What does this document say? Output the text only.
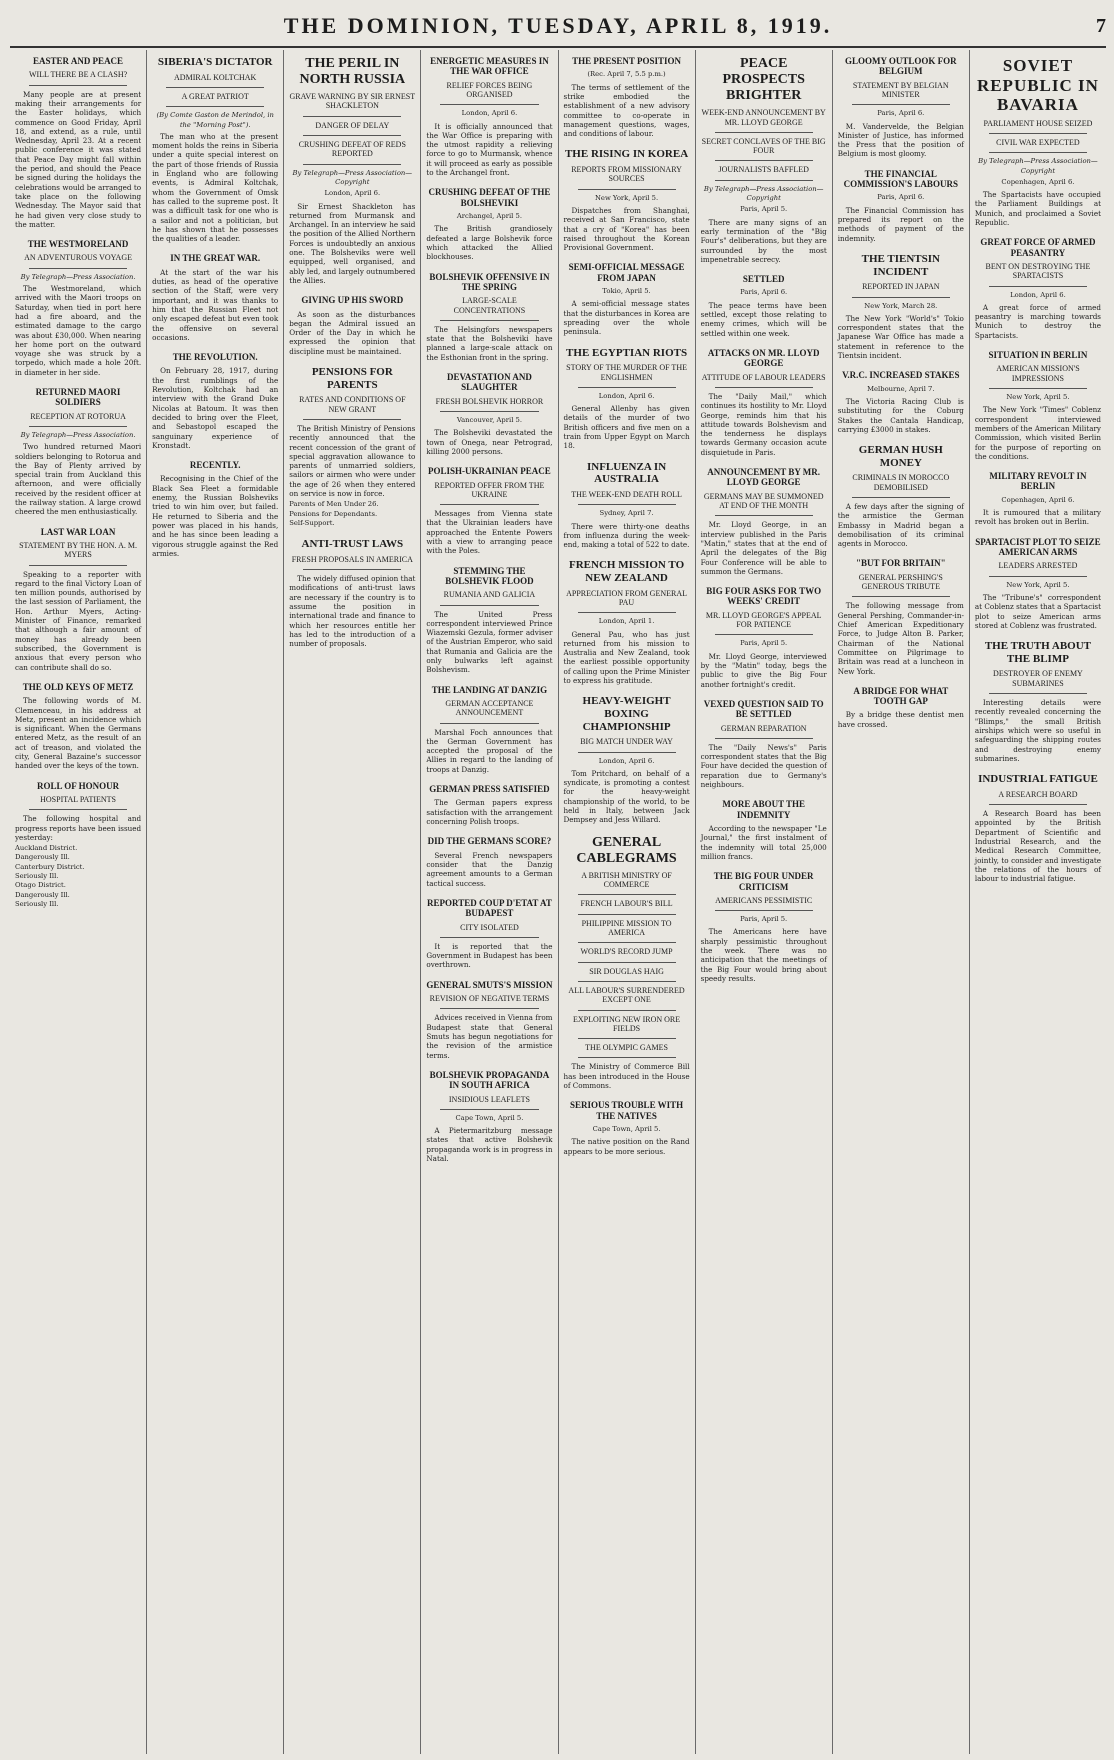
THE DOMINION, TUESDAY, APRIL 8, 1919.	7
EASTER AND PEACE
WILL THERE BE A CLASH?

Many people are at present making their arrangements for the Easter holidays, which commence on Good Friday, April 18, and extend, as a rule, until Wednesday, April 23. At a recent public conference it was stated that Peace Day might fall within the period, and should the Peace be signed during the holidays the celebrations would be arranged to take place on the following Wednesday. The Mayor said that he had given very close study to the matter.

THE WESTMORELAND
AN ADVENTUROUS VOYAGE
By Telegraph—Press Association.

The Westmoreland, which arrived with the Maori troops on Saturday, when tied in port here had a fire aboard, and the estimated damage to the cargo was about £30,000. When nearing her home port on the outward voyage she was struck by a torpedo, which made a hole 20ft. in diameter in her side.

RETURNED MAORI SOLDIERS
RECEPTION AT ROTORUA
By Telegraph—Press Association.

Two hundred returned Maori soldiers belonging to Rotorua and the Bay of Plenty arrived by special train from Auckland this afternoon, and were officially received by the resident officer at the railway station. A large crowd cheered the men enthusiastically.

LAST WAR LOAN
STATEMENT BY THE HON. A. M. MYERS

Speaking to a reporter with regard to the final Victory Loan of ten million pounds, authorised by the last session of Parliament, the Hon. Arthur Myers, Acting-Minister of Finance, remarked that although a fair amount of money has already been subscribed, the Government is anxious that every person who can contribute shall do so.

THE OLD KEYS OF METZ

The following words of M. Clemenceau, in his address at Metz, present an incidence which is significant. When the Germans entered Metz, as the result of an act of treason, and violated the city, General Bazaine's successor handed over the keys of the town.

ROLL OF HONOUR
HOSPITAL PATIENTS

The following hospital and progress reports have been issued yesterday:

Auckland District.
Dangerously Ill.
Canterbury District.
Seriously Ill.
Otago District.
Dangerously Ill.
Seriously Ill.
SIBERIA'S DICTATOR
ADMIRAL KOLTCHAK
A GREAT PATRIOT
(By Comte Gaston de Merindol, in the "Morning Post").

The man who at the present moment holds the reins in Siberia under a quite special interest on the part of those friends of Russia in England who are following events, is Admiral Koltchak, whom the Government of Omsk has called to the supreme post. It was a difficult task for one who is a sailor and not a politician, but he has shown that he possesses the qualities of a leader.

IN THE GREAT WAR.

At the start of the war his duties, as head of the operative section of the Staff, were very important, and it was thanks to him that the Russian Fleet not only escaped defeat but even took the offensive on several occasions.

THE REVOLUTION.

On February 28, 1917, during the first rumblings of the Revolution, Koltchak had an interview with the Grand Duke Nicolas at Batoum. It was then decided to bring over the Fleet, and Sebastopol escaped the sanguinary experience of Kronstadt.

RECENTLY.

Recognising in the Chief of the Black Sea Fleet a formidable enemy, the Russian Bolsheviks tried to win him over, but failed. He returned to Siberia and the power was placed in his hands, and he has since been leading a vigorous struggle against the Red armies.

THE PERIL IN NORTH RUSSIA
GRAVE WARNING BY SIR ERNEST SHACKLETON
DANGER OF DELAY
CRUSHING DEFEAT OF REDS REPORTED
By Telegraph—Press Association—Copyright
London, April 6.

Sir Ernest Shackleton has returned from Murmansk and Archangel. In an interview he said the position of the Allied Northern Forces is undoubtedly an anxious one. The Bolsheviks were well equipped, well organised, and ably led, and largely outnumbered the Allies.

GIVING UP HIS SWORD

As soon as the disturbances began the Admiral issued an Order of the Day in which he expressed the opinion that discipline must be maintained.

PENSIONS FOR PARENTS
RATES AND CONDITIONS OF NEW GRANT

The British Ministry of Pensions recently announced that the recent concession of the grant of special aggravation allowance to parents of unmarried soldiers, sailors or airmen who were under the age of 26 when they entered on service is now in force.

Parents of Men Under 26.
Pensions for Dependants.
Self-Support.
ANTI-TRUST LAWS
FRESH PROPOSALS IN AMERICA

The widely diffused opinion that modifications of anti-trust laws are necessary if the country is to assume the position in international trade and finance to which her resources entitle her has led to the introduction of a number of proposals.

ENERGETIC MEASURES IN THE WAR OFFICE
RELIEF FORCES BEING ORGANISED
London, April 6.

It is officially announced that the War Office is preparing with the utmost rapidity a relieving force to go to Murmansk, whence it will proceed as early as possible to the Archangel front.

CRUSHING DEFEAT OF THE BOLSHEVIKI
Archangel, April 5.

The British grandiosely defeated a large Bolshevik force which attacked the Allied blockhouses.

BOLSHEVIK OFFENSIVE IN THE SPRING
LARGE-SCALE CONCENTRATIONS

The Helsingfors newspapers state that the Bolsheviki have planned a large-scale attack on the Esthonian front in the spring.

DEVASTATION AND SLAUGHTER
FRESH BOLSHEVIK HORROR
Vancouver, April 5.

The Bolsheviki devastated the town of Onega, near Petrograd, killing 2000 persons.

POLISH-UKRAINIAN PEACE
REPORTED OFFER FROM THE UKRAINE

Messages from Vienna state that the Ukrainian leaders have approached the Entente Powers with a view to arranging peace with the Poles.

STEMMING THE BOLSHEVIK FLOOD
RUMANIA AND GALICIA

The United Press correspondent interviewed Prince Wiazemski Gezula, former adviser of the Austrian Emperor, who said that Rumania and Galicia are the only bulwarks left against Bolshevism.

THE LANDING AT DANZIG
GERMAN ACCEPTANCE ANNOUNCEMENT

Marshal Foch announces that the German Government has accepted the proposal of the Allies in regard to the landing of troops at Danzig.

GERMAN PRESS SATISFIED

The German papers express satisfaction with the arrangement concerning Polish troops.

DID THE GERMANS SCORE?

Several French newspapers consider that the Danzig agreement amounts to a German tactical success.

REPORTED COUP D'ETAT AT BUDAPEST
CITY ISOLATED

It is reported that the Government in Budapest has been overthrown.

GENERAL SMUTS'S MISSION
REVISION OF NEGATIVE TERMS

Advices received in Vienna from Budapest state that General Smuts has begun negotiations for the revision of the armistice terms.

BOLSHEVIK PROPAGANDA IN SOUTH AFRICA
INSIDIOUS LEAFLETS
Cape Town, April 5.

A Pietermaritzburg message states that active Bolshevik propaganda work is in progress in Natal.

THE PRESENT POSITION
(Rec. April 7, 5.5 p.m.)

The terms of settlement of the strike embodied the establishment of a new advisory committee to co-operate in management questions, wages, and conditions of labour.

THE RISING IN KOREA
REPORTS FROM MISSIONARY SOURCES
New York, April 5.

Dispatches from Shanghai, received at San Francisco, state that a cry of "Korea" has been raised throughout the Korean Provisional Government.

SEMI-OFFICIAL MESSAGE FROM JAPAN
Tokio, April 5.

A semi-official message states that the disturbances in Korea are spreading over the whole peninsula.

THE EGYPTIAN RIOTS
STORY OF THE MURDER OF THE ENGLISHMEN
London, April 6.

General Allenby has given details of the murder of two British officers and five men on a train from Upper Egypt on March 18.

INFLUENZA IN AUSTRALIA
THE WEEK-END DEATH ROLL
Sydney, April 7.

There were thirty-one deaths from influenza during the week-end, making a total of 522 to date.

FRENCH MISSION TO NEW ZEALAND
APPRECIATION FROM GENERAL PAU
London, April 1.

General Pau, who has just returned from his mission to Australia and New Zealand, took the earliest possible opportunity of calling upon the Prime Minister to express his gratitude.

HEAVY-WEIGHT BOXING CHAMPIONSHIP
BIG MATCH UNDER WAY
London, April 6.

Tom Pritchard, on behalf of a syndicate, is promoting a contest for the heavy-weight championship of the world, to be held in Italy, between Jack Dempsey and Jess Willard.

GENERAL CABLEGRAMS
A BRITISH MINISTRY OF COMMERCE
FRENCH LABOUR'S BILL
PHILIPPINE MISSION TO AMERICA
WORLD'S RECORD JUMP
SIR DOUGLAS HAIG
ALL LABOUR'S SURRENDERED EXCEPT ONE
EXPLOITING NEW IRON ORE FIELDS
THE OLYMPIC GAMES

The Ministry of Commerce Bill has been introduced in the House of Commons.

SERIOUS TROUBLE WITH THE NATIVES
Cape Town, April 5.

The native position on the Rand appears to be more serious.

PEACE PROSPECTS BRIGHTER
WEEK-END ANNOUNCEMENT BY MR. LLOYD GEORGE
SECRET CONCLAVES OF THE BIG FOUR
JOURNALISTS BAFFLED
By Telegraph—Press Association—Copyright
Paris, April 5.

There are many signs of an early termination of the "Big Four's" deliberations, but they are surrounded by the most impenetrable secrecy.

SETTLED
Paris, April 6.

The peace terms have been settled, except those relating to enemy crimes, which will be settled within one week.

ATTACKS ON MR. LLOYD GEORGE
ATTITUDE OF LABOUR LEADERS

The "Daily Mail," which continues its hostility to Mr. Lloyd George, reminds him that his attitude towards Bolshevism and the tenderness he displays towards Germany occasion acute disquietude in Paris.

ANNOUNCEMENT BY MR. LLOYD GEORGE
GERMANS MAY BE SUMMONED AT END OF THE MONTH

Mr. Lloyd George, in an interview published in the Paris "Matin," states that at the end of April the delegates of the Big Four Conference will be able to summon the Germans.

BIG FOUR ASKS FOR TWO WEEKS' CREDIT
MR. LLOYD GEORGE'S APPEAL FOR PATIENCE
Paris, April 5.

Mr. Lloyd George, interviewed by the "Matin" today, begs the public to give the Big Four another fortnight's credit.

VEXED QUESTION SAID TO BE SETTLED
GERMAN REPARATION

The "Daily News's" Paris correspondent states that the Big Four have decided the question of reparation due to Germany's neighbours.

MORE ABOUT THE INDEMNITY

According to the newspaper "Le Journal," the first instalment of the indemnity will total 25,000 million francs.

THE BIG FOUR UNDER CRITICISM
AMERICANS PESSIMISTIC
Paris, April 5.

The Americans here have sharply pessimistic throughout the week. There was no anticipation that the meetings of the Big Four would bring about speedy results.

GLOOMY OUTLOOK FOR BELGIUM
STATEMENT BY BELGIAN MINISTER
Paris, April 6.

M. Vandervelde, the Belgian Minister of Justice, has informed the Press that the position of Belgium is most gloomy.

THE FINANCIAL COMMISSION'S LABOURS
Paris, April 6.

The Financial Commission has prepared its report on the methods of payment of the indemnity.

THE TIENTSIN INCIDENT
REPORTED IN JAPAN
New York, March 28.

The New York "World's" Tokio correspondent states that the Japanese War Office has made a statement in reference to the Tientsin incident.

V.R.C. INCREASED STAKES
Melbourne, April 7.

The Victoria Racing Club is substituting for the Coburg Stakes the Cantala Handicap, carrying £3000 in stakes.

GERMAN HUSH MONEY
CRIMINALS IN MOROCCO DEMOBILISED

A few days after the signing of the armistice the German Embassy in Madrid began a demobilisation of its criminal agents in Morocco.

"BUT FOR BRITAIN"
GENERAL PERSHING'S GENEROUS TRIBUTE

The following message from General Pershing, Commander-in-Chief American Expeditionary Force, to Judge Alton B. Parker, Chairman of the National Committee on Pilgrimage to Britain was read at a luncheon in New York.

A BRIDGE FOR WHAT TOOTH GAP

By a bridge these dentist men have crossed.

SOVIET REPUBLIC IN BAVARIA
PARLIAMENT HOUSE SEIZED
CIVIL WAR EXPECTED
By Telegraph—Press Association—Copyright
Copenhagen, April 6.

The Spartacists have occupied the Parliament Buildings at Munich, and proclaimed a Soviet Republic.

GREAT FORCE OF ARMED PEASANTRY
BENT ON DESTROYING THE SPARTACISTS
London, April 6.

A great force of armed peasantry is marching towards Munich to destroy the Spartacists.

SITUATION IN BERLIN
AMERICAN MISSION'S IMPRESSIONS
New York, April 5.

The New York "Times" Coblenz correspondent interviewed members of the American Military Commission, which visited Berlin for the purpose of reporting on the conditions.

MILITARY REVOLT IN BERLIN
Copenhagen, April 6.

It is rumoured that a military revolt has broken out in Berlin.

SPARTACIST PLOT TO SEIZE AMERICAN ARMS
LEADERS ARRESTED
New York, April 5.

The "Tribune's" correspondent at Coblenz states that a Spartacist plot to seize American arms stored at Coblenz was frustrated.

THE TRUTH ABOUT THE BLIMP
DESTROYER OF ENEMY SUBMARINES

Interesting details were recently revealed concerning the "Blimps," the small British airships which were so useful in safeguarding the shipping routes and destroying enemy submarines.

INDUSTRIAL FATIGUE
A RESEARCH BOARD

A Research Board has been appointed by the British Department of Scientific and Industrial Research, and the Medical Research Committee, jointly, to consider and investigate the relations of the hours of labour to industrial fatigue.
